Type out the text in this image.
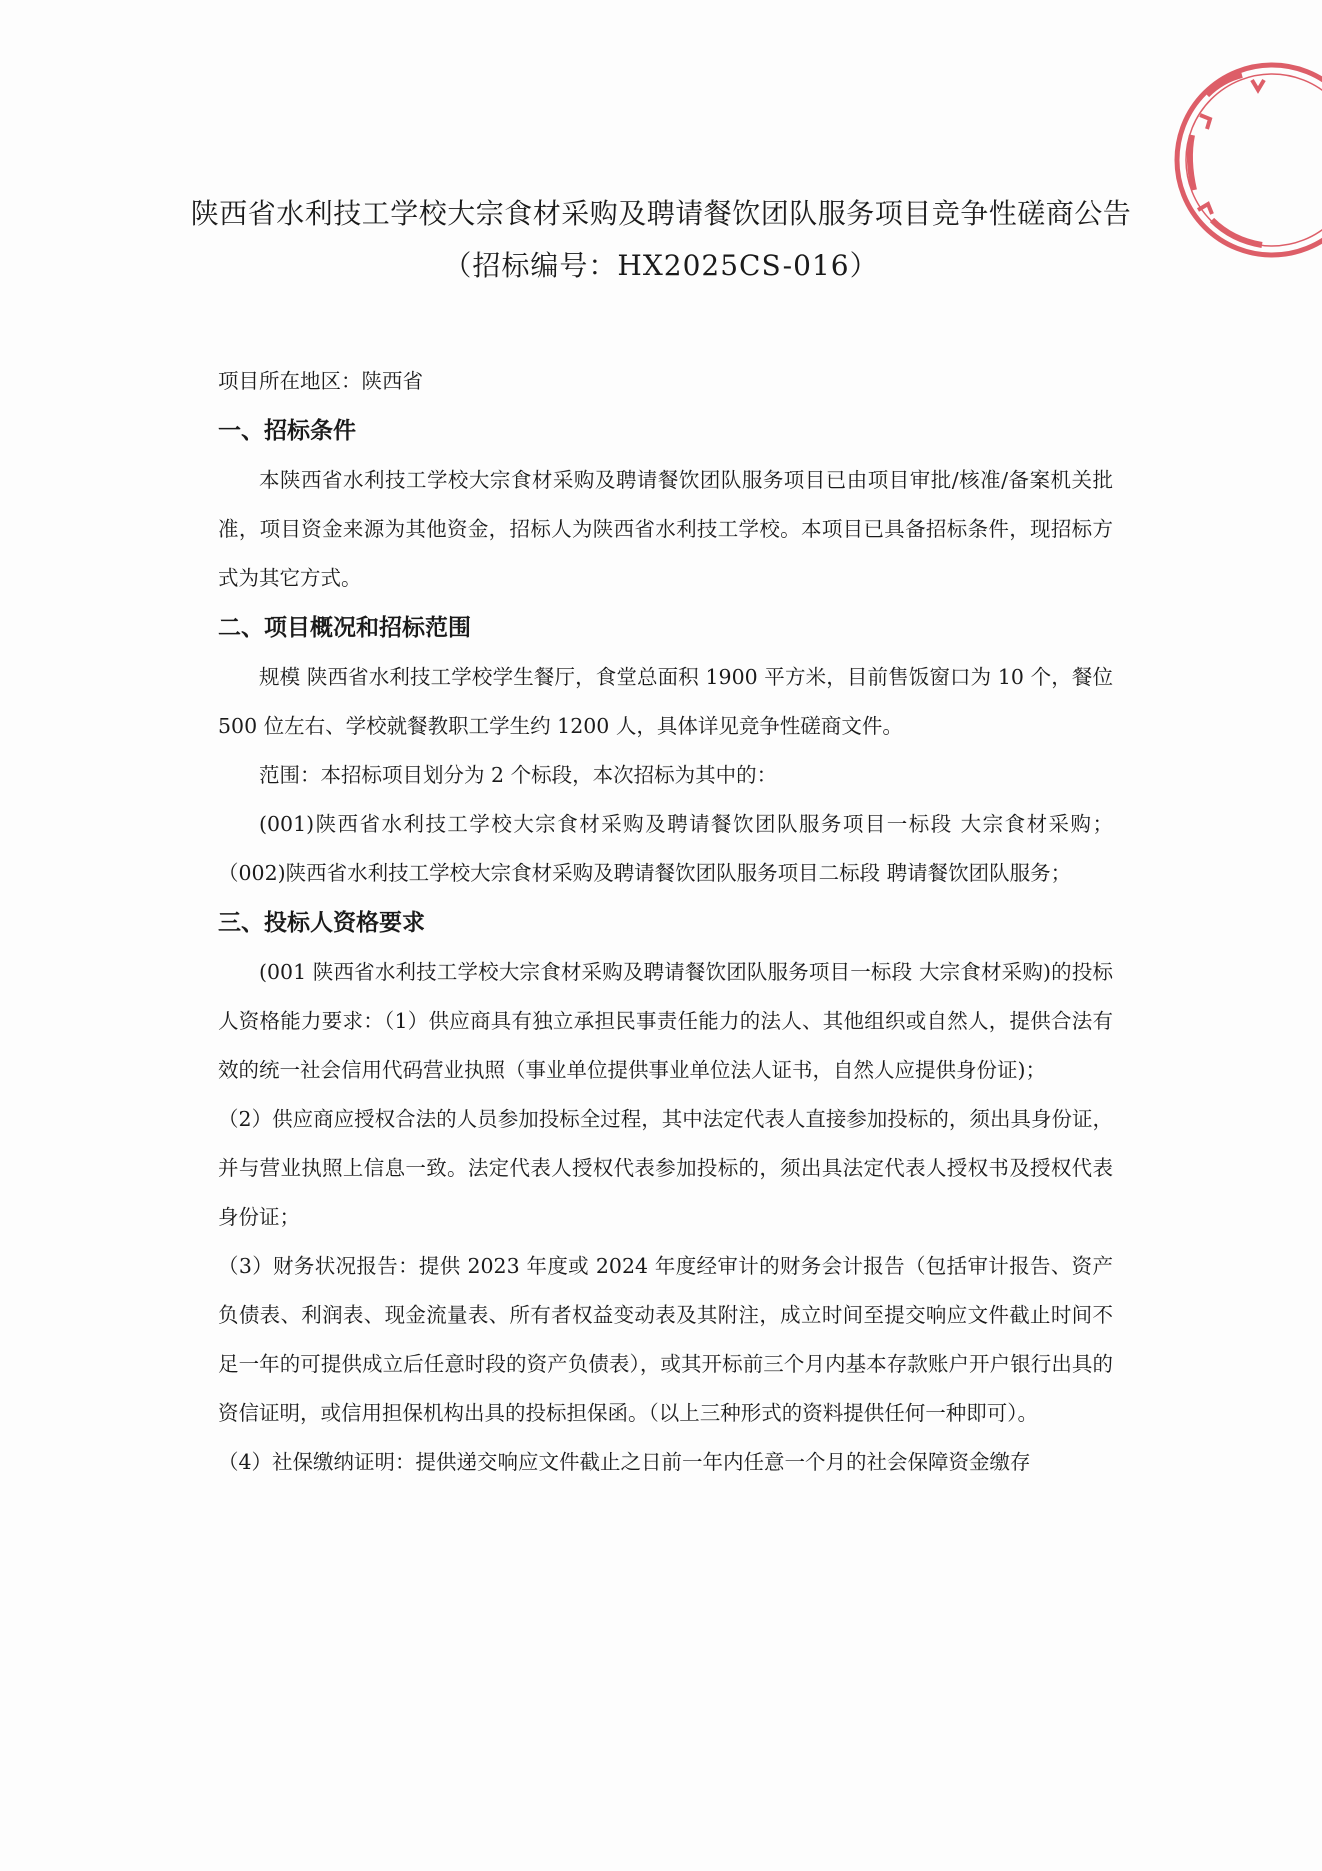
陕西省水利技工学校大宗食材采购及聘请餐饮团队服务项目竞争性磋商公告
（招标编号：HX2025CS-016）

项目所在地区：陕西省

一、招标条件

本陕西省水利技工学校大宗食材采购及聘请餐饮团队服务项目已由项目审批/核准/备案机关批准，项目资金来源为其他资金，招标人为陕西省水利技工学校。本项目已具备招标条件，现招标方式为其它方式。

二、项目概况和招标范围

规模 陕西省水利技工学校学生餐厅，食堂总面积 1900 平方米，目前售饭窗口为 10 个，餐位 500 位左右、学校就餐教职工学生约 1200 人，具体详见竞争性磋商文件。

范围：本招标项目划分为 2 个标段，本次招标为其中的：

(001)陕西省水利技工学校大宗食材采购及聘请餐饮团队服务项目一标段 大宗食材采购；（002)陕西省水利技工学校大宗食材采购及聘请餐饮团队服务项目二标段 聘请餐饮团队服务；

三、投标人资格要求

(001 陕西省水利技工学校大宗食材采购及聘请餐饮团队服务项目一标段 大宗食材采购)的投标人资格能力要求：（1）供应商具有独立承担民事责任能力的法人、其他组织或自然人，提供合法有效的统一社会信用代码营业执照（事业单位提供事业单位法人证书，自然人应提供身份证)；

（2）供应商应授权合法的人员参加投标全过程，其中法定代表人直接参加投标的，须出具身份证，并与营业执照上信息一致。法定代表人授权代表参加投标的，须出具法定代表人授权书及授权代表身份证；

（3）财务状况报告：提供 2023 年度或 2024 年度经审计的财务会计报告（包括审计报告、资产负债表、利润表、现金流量表、所有者权益变动表及其附注，成立时间至提交响应文件截止时间不足一年的可提供成立后任意时段的资产负债表），或其开标前三个月内基本存款账户开户银行出具的资信证明，或信用担保机构出具的投标担保函。（以上三种形式的资料提供任何一种即可）。

（4）社保缴纳证明：提供递交响应文件截止之日前一年内任意一个月的社会保障资金缴存
